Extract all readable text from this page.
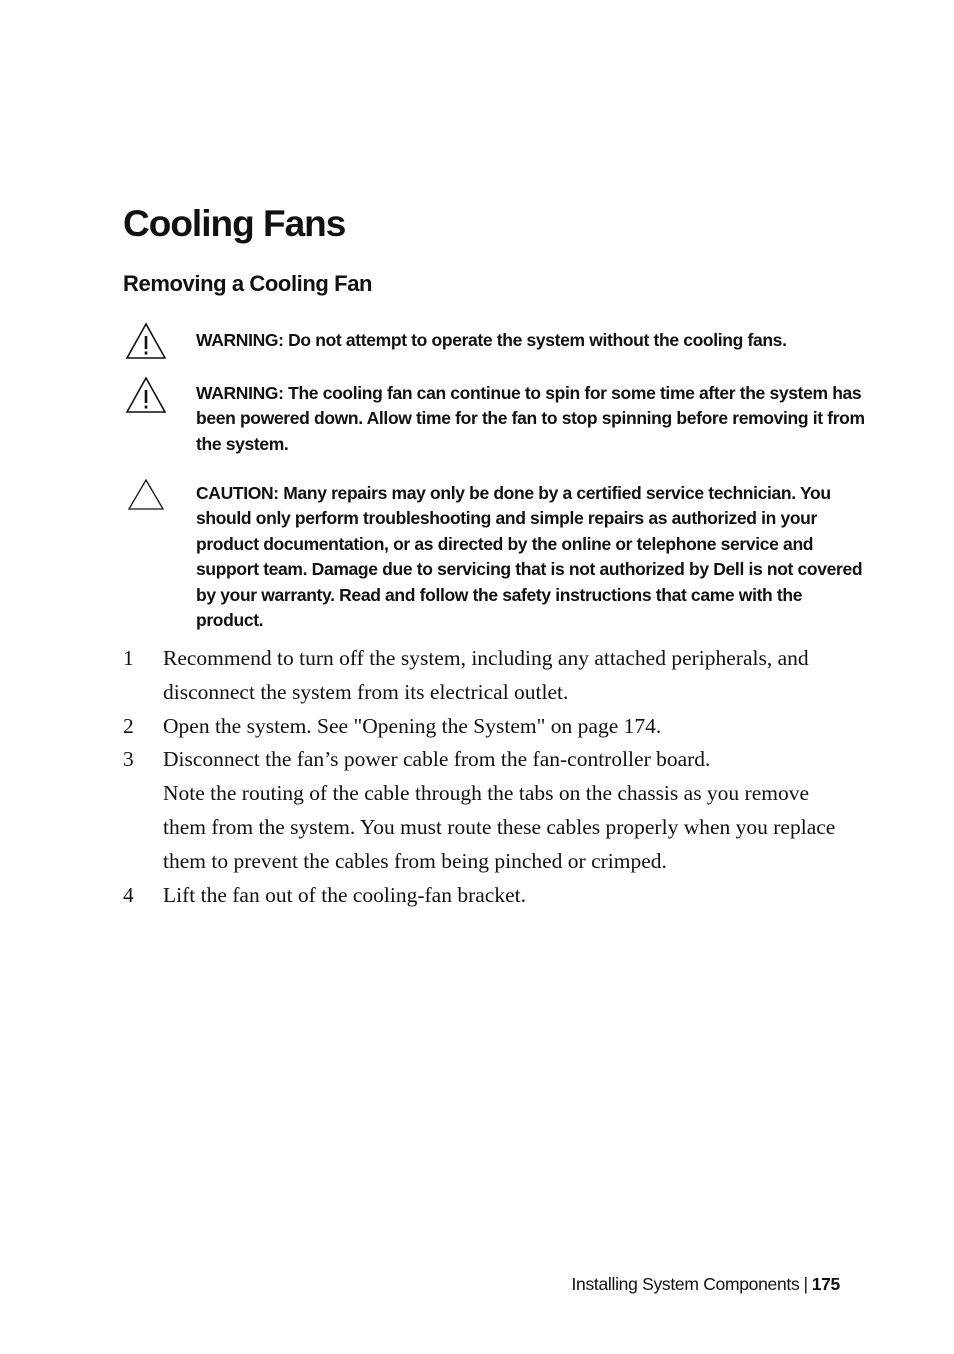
Cooling Fans
Removing a Cooling Fan

WARNING: Do not attempt to operate the system without the cooling fans.

WARNING: The cooling fan can continue to spin for some time after the system has been powered down. Allow time for the fan to stop spinning before removing it from the system.

CAUTION: Many repairs may only be done by a certified service technician. You should only perform troubleshooting and simple repairs as authorized in your product documentation, or as directed by the online or telephone service and support team. Damage due to servicing that is not authorized by Dell is not covered by your warranty. Read and follow the safety instructions that came with the product.

1 Recommend to turn off the system, including any attached peripherals, and disconnect the system from its electrical outlet.
2 Open the system. See "Opening the System" on page 174.
3 Disconnect the fan’s power cable from the fan-controller board.
Note the routing of the cable through the tabs on the chassis as you remove them from the system. You must route these cables properly when you replace them to prevent the cables from being pinched or crimped.
4 Lift the fan out of the cooling-fan bracket.

Installing System Components | 175
